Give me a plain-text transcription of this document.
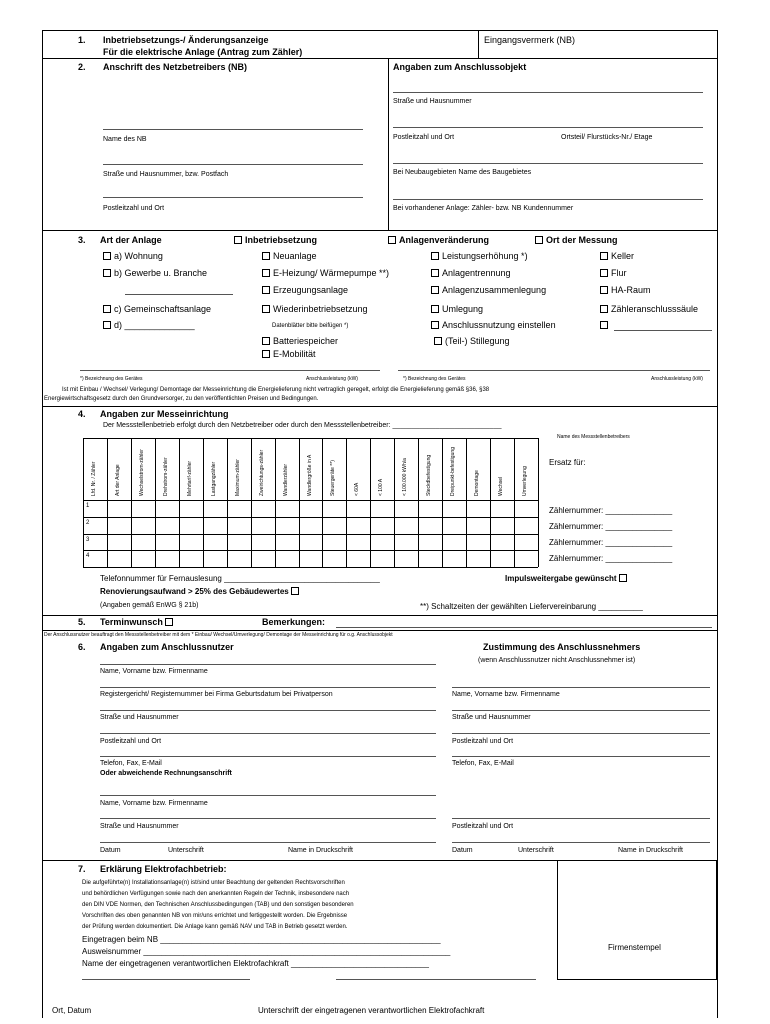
1. Inbetriebsetzungs-/ Änderungsanzeige
Für die elektrische Anlage (Antrag zum Zähler)
Eingangsvermerk (NB)
2. Anschrift des Netzbetreibers (NB)
Name des NB
Straße und Hausnummer, bzw. Postfach
Postleitzahl und Ort
Angaben zum Anschlussobjekt
Straße und Hausnummer
Postleitzahl und Ort	Ortsteil/ Flurstücks-Nr./ Etage
Bei Neubaugebieten Name des Baugebietes
Bei vorhandener Anlage: Zähler- bzw. NB Kundennummer
3. Art der Anlage	Inbetriebsetzung	Anlagenveränderung	Ort der Messung
a) Wohnung
b) Gewerbe u. Branche
c) Gemeinschaftsanlage
d) ______________
Neuanlage
E-Heizung/ Wärmepumpe **)
Erzeugungsanlage
Wiederinbetriebsetzung
Datenblätter bitte beifügen *)
Batteriespeicher
E-Mobilität
Leistungserhöhung *)
Anlagentrennung
Anlagenzusammenlegung
Umlegung
Anschlussnutzung einstellen
(Teil-) Stillegung
Keller
Flur
HA-Raum
Zähleranschlusssäule
*) Bezeichnung des Gerätes	Anschlussleistung (kW)	*) Bezeichnung des Gerätes	Anschlussleistung (kW)
Ist mit Einbau / Wechsel/ Verlegung/ Demontage der Messeinrichtung die Energielieferung nicht vertraglich geregelt, erfolgt die Energielieferung gemäß §36, §38
Energiewirtschaftsgesetz durch den Grundversorger, zu den veröffentlichten Preisen und Bedingungen.
4. Angaben zur Messeinrichtung
Der Messstellenbetrieb erfolgt durch den Netzbetreiber oder durch den Messstellenbetreiber: ____________________________
Name des Messstellenbetreibers
Lfd. Nr. / Zähler	Art der Anlage	Wechselstrom-zähler	Drehstrom-zähler	Mehrtarif-zähler	Lastgangzähler	Maximum-zähler	Zweirichtungs-zähler	Wandlerzähler	Wandlergröße in A	Steuergeräte **)	< 60A	< 100 A	< 100.000 kWh/a	Steckdbefestigung	Dreipunkt-befestigung	Demontage	Wechsel	Umverlegung
1
2
3
4
Ersatz für:
Zählernummer: _______________
Zählernummer: _______________
Zählernummer: _______________
Zählernummer: _______________
Telefonnummer für Fernauslesung ___________________________________	Impulsweitergabe gewünscht
Renovierungsaufwand > 25% des Gebäudewertes
(Angaben gemäß EnWG § 21b)	**) Schaltzeiten der gewählten Liefervereinbarung __________
5. Terminwunsch	Bemerkungen:
Der Anschlussnutzer beauftragt den Messstellenbetreiber mit dem * Einbau/ Wechsel/Umverlegung/ Demontage der Messeinrichtung für o.g. Anschlussobjekt
6. Angaben zum Anschlussnutzer	Zustimmung des Anschlussnehmers
(wenn Anschlussnutzer nicht Anschlussnehmer ist)
Name, Vorname bzw. Firmenname
Registergericht/ Registernummer bei Firma Geburtsdatum bei Privatperson
Straße und Hausnummer
Postleitzahl und Ort
Telefon, Fax, E-Mail
Oder abweichende Rechnungsanschrift
Name, Vorname bzw. Firmenname
Straße und Hausnummer
Datum	Unterschrift	Name in Druckschrift
Name, Vorname bzw. Firmenname
Straße und Hausnummer
Postleitzahl und Ort
Telefon, Fax, E-Mail
Postleitzahl und Ort
Datum	Unterschrift	Name in Druckschrift
7. Erklärung Elektrofachbetrieb:
Die aufgeführte(n) Installationsanlage(n) ist/sind unter Beachtung der geltenden Rechtsvorschriften
und behördlichen Verfügungen sowie nach den anerkannten Regeln der Technik, insbesondere nach
den DIN VDE Normen, den Technischen Anschlussbedingungen (TAB) und den sonstigen besonderen
Vorschriften des oben genannten NB von mir/uns errichtet und fertiggestellt worden. Die Ergebnisse
der Prüfung werden dokumentiert. Die Anlage kann gemäß NAV und TAB in Betrieb gesetzt werden.
Eingetragen beim NB _______________________________________________________________
Ausweisnummer _____________________________________________________________________
Name der eingetragenen verantwortlichen Elektrofachkraft _______________________________
Ort, Datum	Unterschrift der eingetragenen verantwortlichen Elektrofachkraft
Firmenstempel
